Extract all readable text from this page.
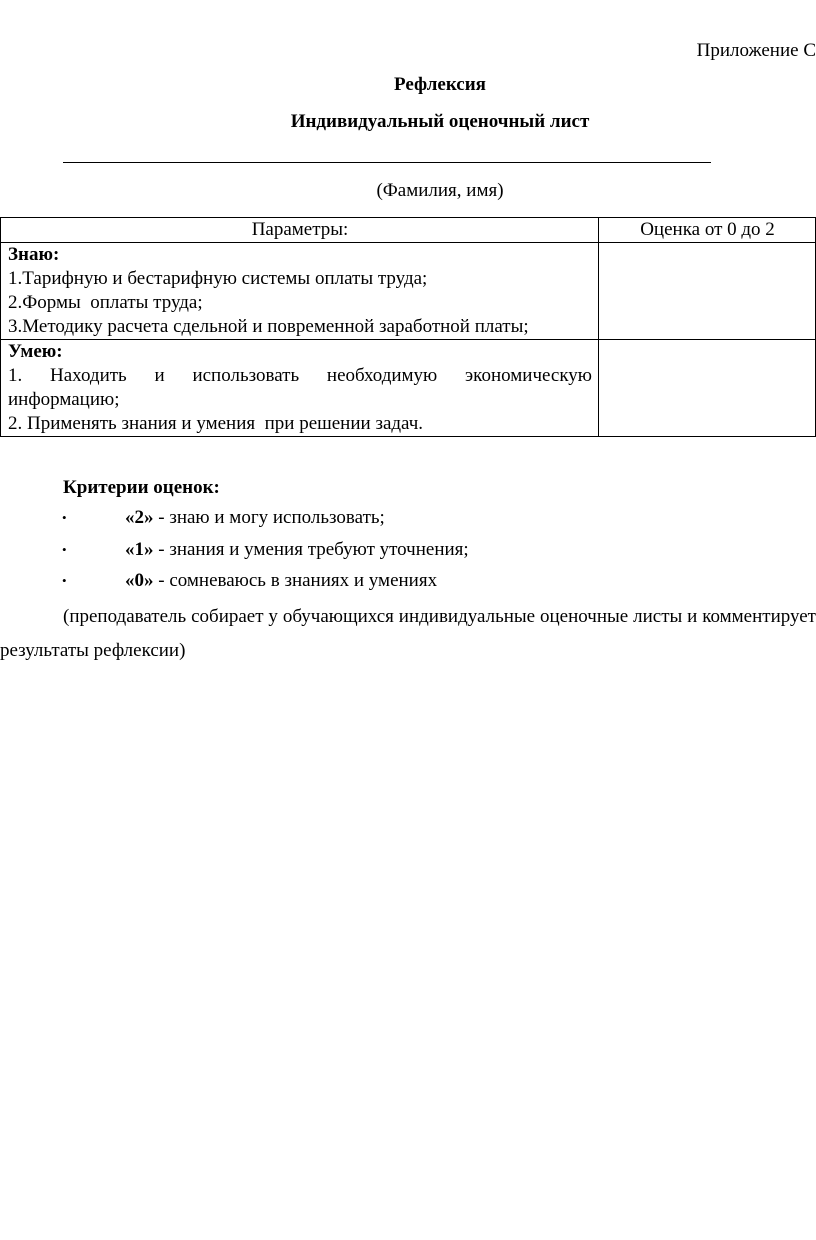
Приложение С
Рефлексия
Индивидуальный оценочный лист
(Фамилия, имя)
Параметры:	Оценка от 0 до 2

Знаю:
1.Тарифную и бестарифную системы оплаты труда;
2.Формы  оплаты труда;
3.Методику расчета сдельной и повременной заработной платы;	

Умею:
1. Находить и использовать необходимую экономическую информацию;
2. Применять знания и умения  при решении задач.	

Критерии оценок:
•	«2» - знаю и могу использовать;
•	«1» - знания и умения требуют уточнения;
•	«0» - сомневаюсь в знаниях и умениях
(преподаватель собирает у обучающихся индивидуальные оценочные листы и комментирует результаты рефлексии)
